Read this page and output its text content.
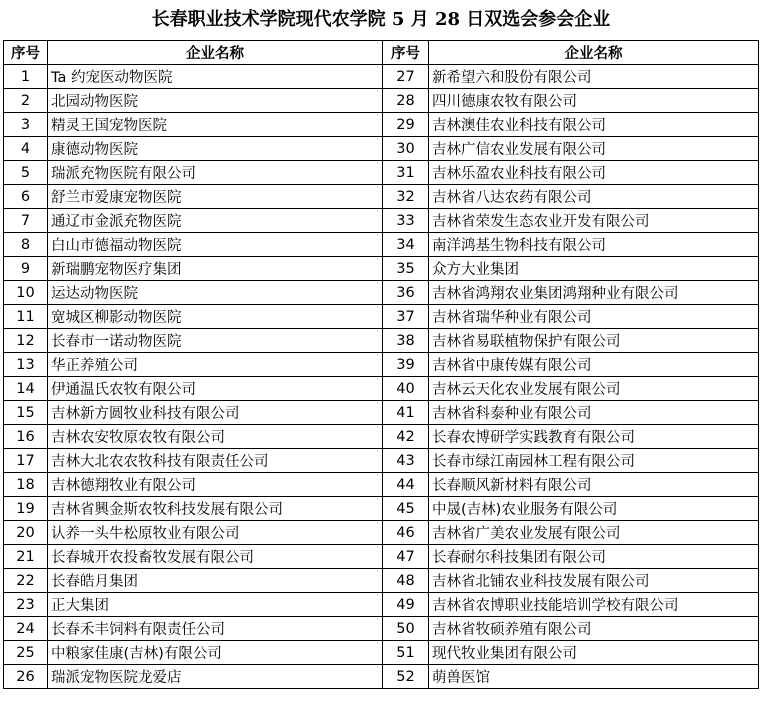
长春职业技术学院现代农学院 5 月 28 日双选会参会企业
序号	企业名称	序号	企业名称
1	Ta 约宠医动物医院	27	新希望六和股份有限公司
2	北园动物医院	28	四川德康农牧有限公司
3	精灵王国宠物医院	29	吉林澳佳农业科技有限公司
4	康德动物医院	30	吉林广信农业发展有限公司
5	瑞派充物医院有限公司	31	吉林乐盈农业科技有限公司
6	舒兰市爱康宠物医院	32	吉林省八达农药有限公司
7	通辽市金派充物医院	33	吉林省荣发生态农业开发有限公司
8	白山市德福动物医院	34	南洋鸿基生物科技有限公司
9	新瑞鹏宠物医疗集团	35	众方大业集团
10	运达动物医院	36	吉林省鸿翔农业集团鸿翔种业有限公司
11	宽城区柳影动物医院	37	吉林省瑞华种业有限公司
12	长春市一诺动物医院	38	吉林省易联植物保护有限公司
13	华正养殖公司	39	吉林省中康传媒有限公司
14	伊通温氏农牧有限公司	40	吉林云天化农业发展有限公司
15	吉林新方圆牧业科技有限公司	41	吉林省科泰种业有限公司
16	吉林农安牧原农牧有限公司	42	长春农博研学实践教育有限公司
17	吉林大北农农牧科技有限责任公司	43	长春市绿江南园林工程有限公司
18	吉林德翔牧业有限公司	44	长春顺风新材料有限公司
19	吉林省興金斯农牧科技发展有限公司	45	中晟(吉林)农业服务有限公司
20	认养一头牛松原牧业有限公司	46	吉林省广美农业发展有限公司
21	长春城开农投畜牧发展有限公司	47	长春耐尔科技集团有限公司
22	长春皓月集团	48	吉林省北铺农业科技发展有限公司
23	正大集团	49	吉林省农博职业技能培训学校有限公司
24	长春禾丰饲料有限责任公司	50	吉林省牧硕养殖有限公司
25	中粮家佳康(吉林)有限公司	51	现代牧业集团有限公司
26	瑞派宠物医院龙爱店	52	萌兽医馆
